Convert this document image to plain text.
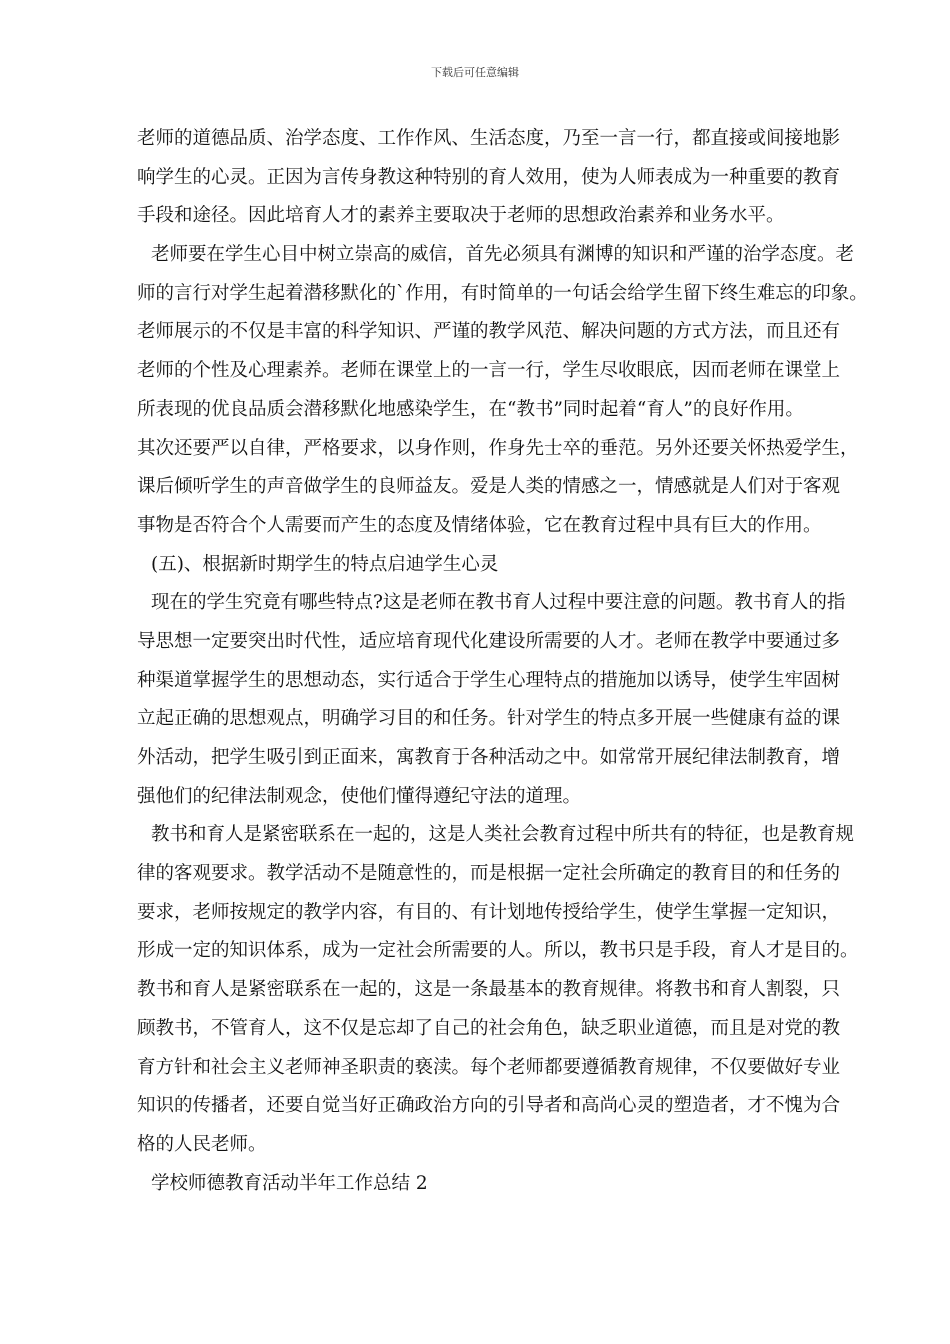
下载后可任意编辑
老师的道德品质、治学态度、工作作风、生活态度，乃至一言一行，都直接或间接地影
响学生的心灵。正因为言传身教这种特别的育人效用，使为人师表成为一种重要的教育
手段和途径。因此培育人才的素养主要取决于老师的思想政治素养和业务水平。
老师要在学生心目中树立崇高的威信，首先必须具有渊博的知识和严谨的治学态度。老
师的言行对学生起着潜移默化的`作用，有时简单的一句话会给学生留下终生难忘的印象。
老师展示的不仅是丰富的科学知识、严谨的教学风范、解决问题的方式方法，而且还有
老师的个性及心理素养。老师在课堂上的一言一行，学生尽收眼底，因而老师在课堂上
所表现的优良品质会潜移默化地感染学生，在“教书”同时起着“育人”的良好作用。
其次还要严以自律，严格要求，以身作则，作身先士卒的垂范。另外还要关怀热爱学生，
课后倾听学生的声音做学生的良师益友。爱是人类的情感之一，情感就是人们对于客观
事物是否符合个人需要而产生的态度及情绪体验，它在教育过程中具有巨大的作用。
(五)、根据新时期学生的特点启迪学生心灵
现在的学生究竟有哪些特点?这是老师在教书育人过程中要注意的问题。教书育人的指
导思想一定要突出时代性，适应培育现代化建设所需要的人才。老师在教学中要通过多
种渠道掌握学生的思想动态，实行适合于学生心理特点的措施加以诱导，使学生牢固树
立起正确的思想观点，明确学习目的和任务。针对学生的特点多开展一些健康有益的课
外活动，把学生吸引到正面来，寓教育于各种活动之中。如常常开展纪律法制教育，增
强他们的纪律法制观念，使他们懂得遵纪守法的道理。
教书和育人是紧密联系在一起的，这是人类社会教育过程中所共有的特征，也是教育规
律的客观要求。教学活动不是随意性的，而是根据一定社会所确定的教育目的和任务的
要求，老师按规定的教学内容，有目的、有计划地传授给学生，使学生掌握一定知识，
形成一定的知识体系，成为一定社会所需要的人。所以，教书只是手段，育人才是目的。
教书和育人是紧密联系在一起的，这是一条最基本的教育规律。将教书和育人割裂，只
顾教书，不管育人，这不仅是忘却了自己的社会角色，缺乏职业道德，而且是对党的教
育方针和社会主义老师神圣职责的亵渎。每个老师都要遵循教育规律，不仅要做好专业
知识的传播者，还要自觉当好正确政治方向的引导者和高尚心灵的塑造者，才不愧为合
格的人民老师。
学校师德教育活动半年工作总结 2
